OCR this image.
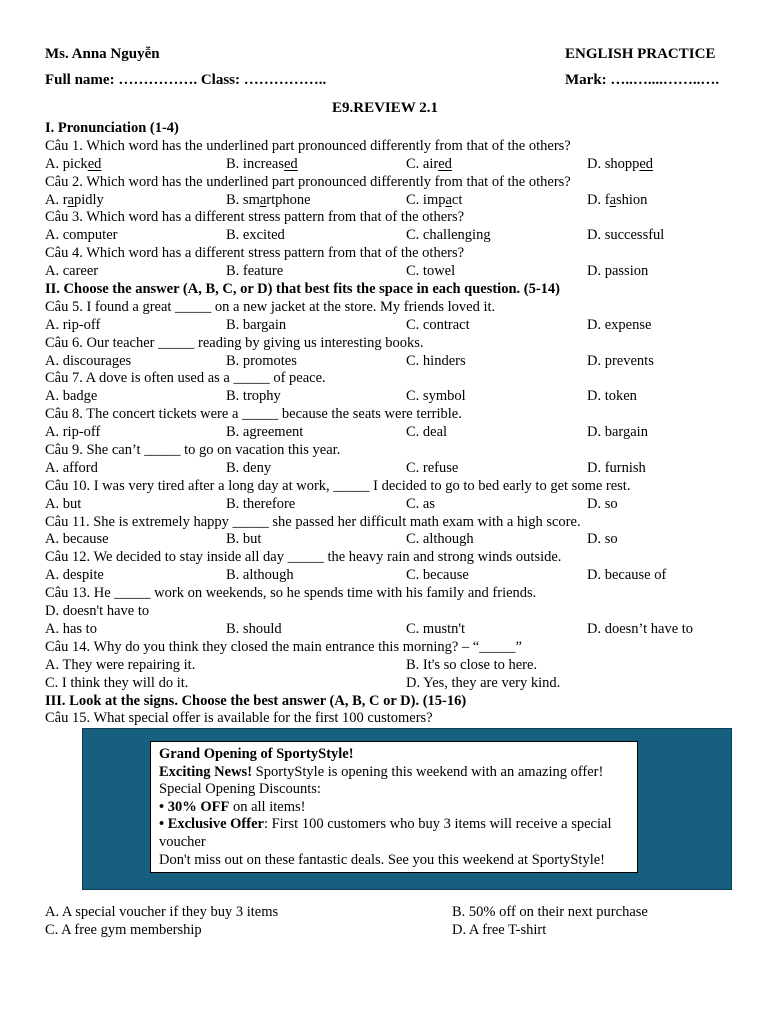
Ms. Anna Nguyễn	ENGLISH PRACTICE
Full name: ……………. Class: ……………..	Mark: …..…....……..….
E9.REVIEW 2.1
I. Pronunciation (1-4)
Câu 1. Which word has the underlined part pronounced differently from that of the others?
A. picked	B. increased	C. aired	D. shopped
Câu 2. Which word has the underlined part pronounced differently from that of the others?
A. rapidly	B. smartphone	C. impact	D. fashion
Câu 3. Which word has a different stress pattern from that of the others?
A. computer	B. excited	C. challenging	D. successful
Câu 4. Which word has a different stress pattern from that of the others?
A. career	B. feature	C. towel	D. passion
II. Choose the answer (A, B, C, or D) that best fits the space in each question. (5-14)
Câu 5. I found a great _____ on a new jacket at the store. My friends loved it.
A. rip-off	B. bargain	C. contract	D. expense
Câu 6. Our teacher _____ reading by giving us interesting books.
A. discourages	B. promotes	C. hinders	D. prevents
Câu 7. A dove is often used as a _____ of peace.
A. badge	B. trophy	C. symbol	D. token
Câu 8. The concert tickets were a _____ because the seats were terrible.
A. rip-off	B. agreement	C. deal	D. bargain
Câu 9. She can’t _____ to go on vacation this year.
A. afford	B. deny	C. refuse	D. furnish
Câu 10. I was very tired after a long day at work, _____ I decided to go to bed early to get some rest.
A. but	B. therefore	C. as	D. so
Câu 11. She is extremely happy _____ she passed her difficult math exam with a high score.
A. because	B. but	C. although	D. so
Câu 12. We decided to stay inside all day _____ the heavy rain and strong winds outside.
A. despite	B. although	C. because	D. because of
Câu 13. He _____ work on weekends, so he spends time with his family and friends.
D. doesn't have to
A. has to	B. should	C. mustn't	D. doesn’t have to
Câu 14. Why do you think they closed the main entrance this morning? – “_____”
A. They were repairing it.	B. It's so close to here.
C. I think they will do it.	D. Yes, they are very kind.
III. Look at the signs. Choose the best answer (A, B, C or D). (15-16)
Câu 15. What special offer is available for the first 100 customers?
Grand Opening of SportyStyle!
Exciting News! SportyStyle is opening this weekend with an amazing offer!
Special Opening Discounts:
• 30% OFF on all items!
• Exclusive Offer: First 100 customers who buy 3 items will receive a special voucher
Don't miss out on these fantastic deals. See you this weekend at SportyStyle!
A. A special voucher if they buy 3 items	B. 50% off on their next purchase
C. A free gym membership	D. A free T-shirt
